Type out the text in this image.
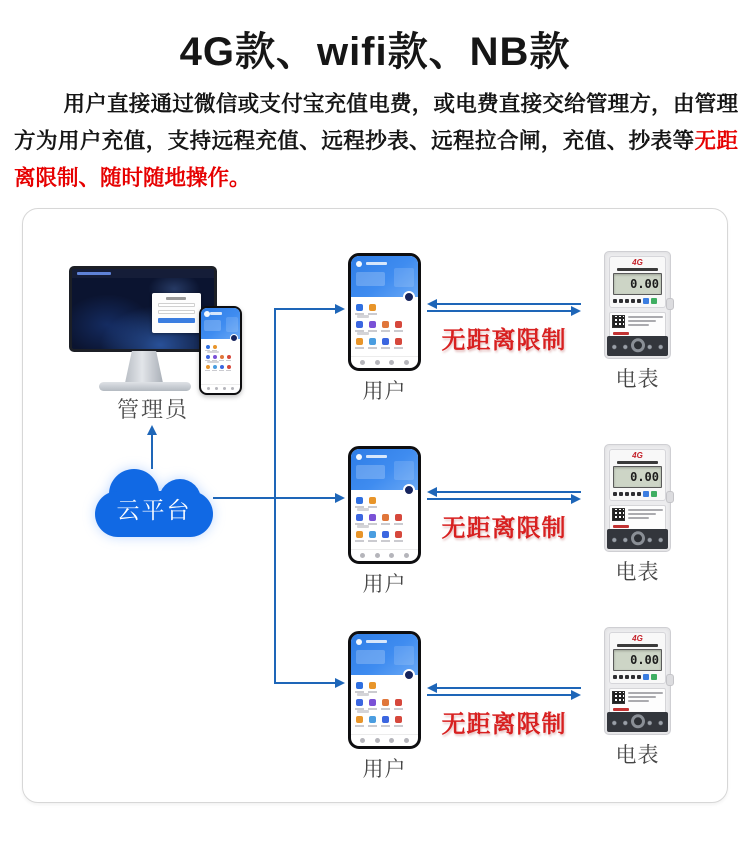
4G款、wifi款、NB款

用户直接通过微信或支付宝充值电费，或电费直接交给管理方，由管理方为用户充值，支持远程充值、远程抄表、远程拉合闸，充值、抄表等无距离限制、随时随地操作。

管理员
云平台
用户
无距离限制
4G
0.00
电表
用户
无距离限制
4G
0.00
电表
用户
无距离限制
4G
0.00
电表
